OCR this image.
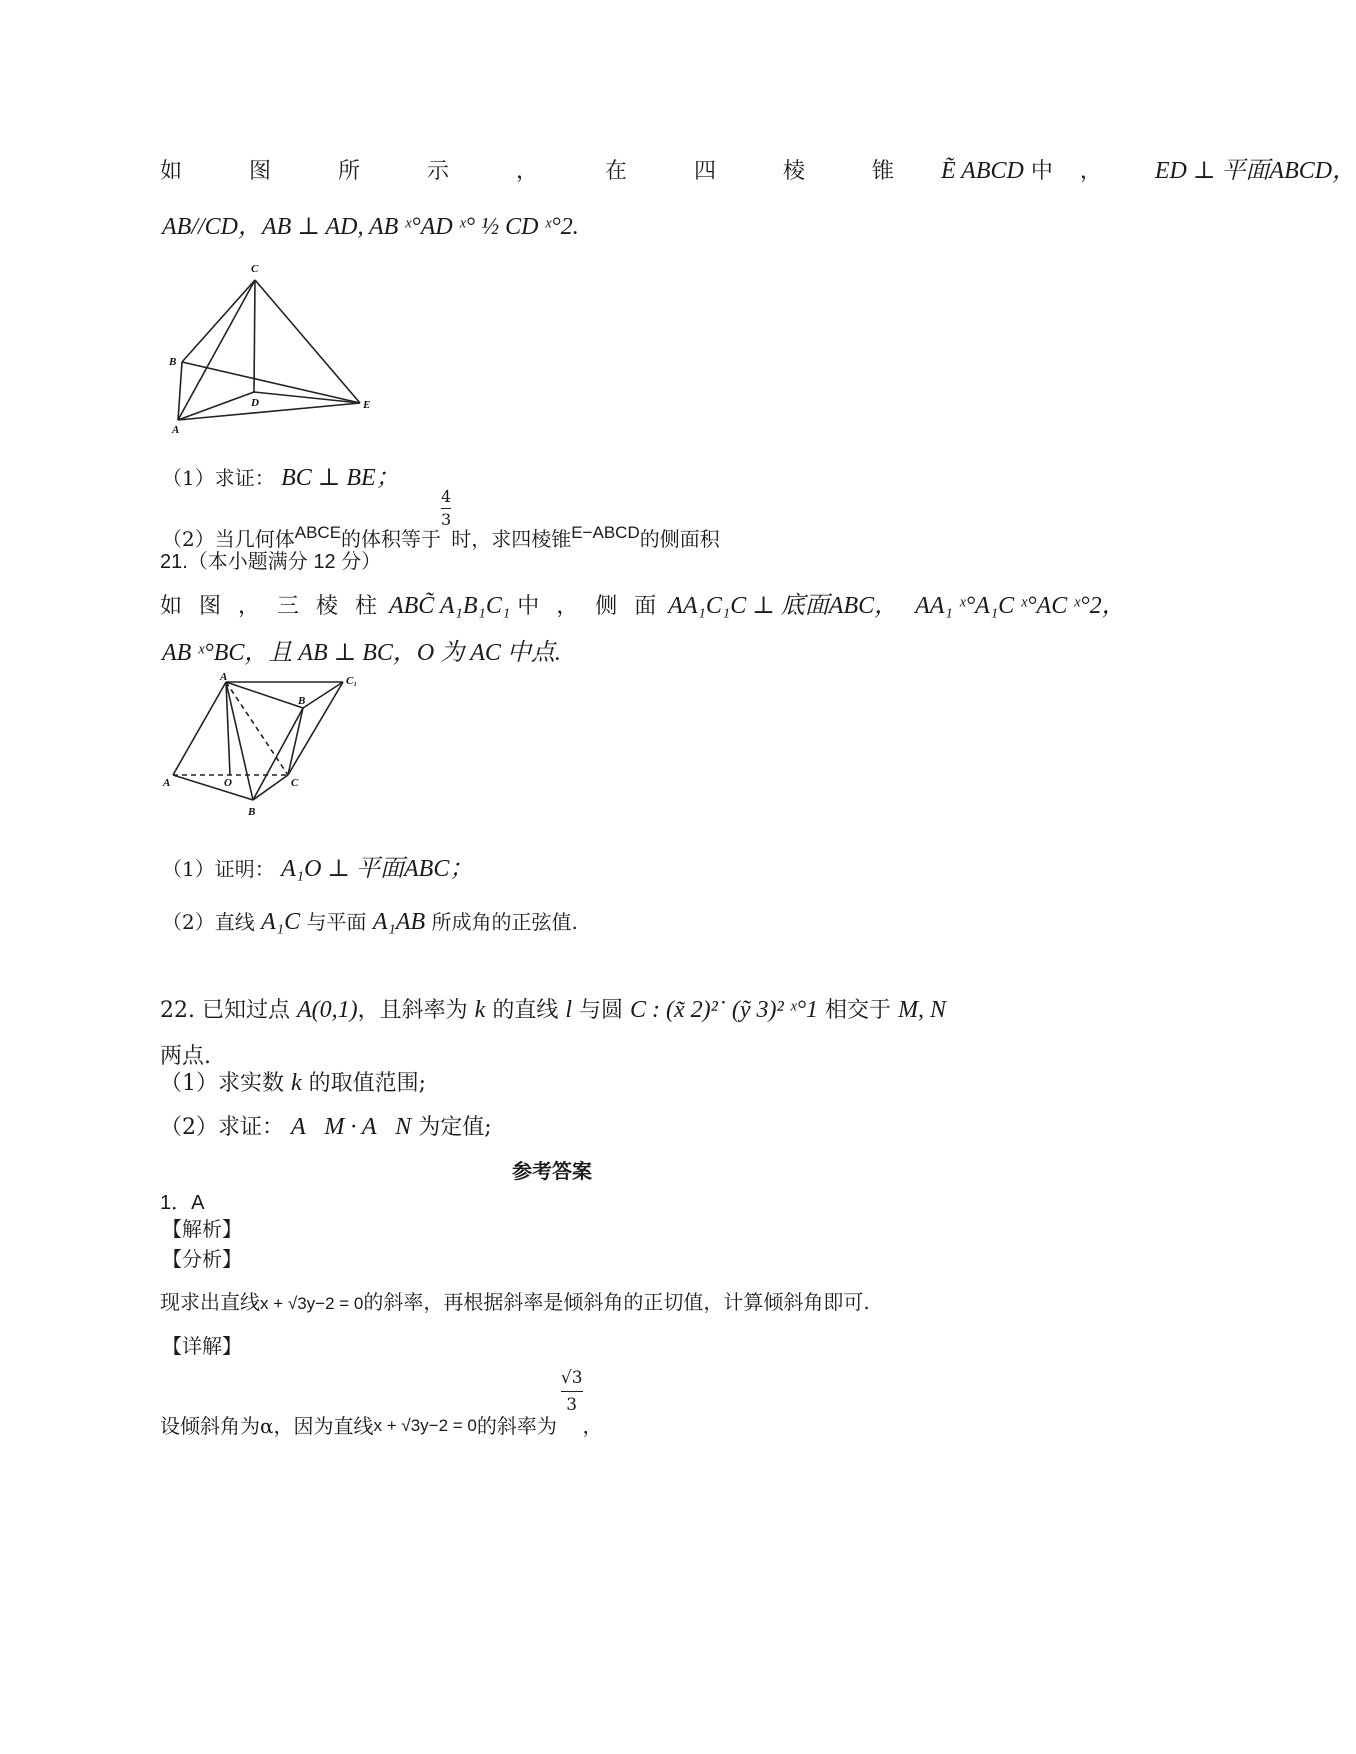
如 图 所 示 ， 在 四 棱 锥 Ẽ ABCD 中 ， ED ⊥ 平面ABCD，
AB//CD，AB ⊥ AD, AB ˣ°AD ˣ° ½ CD ˣ°2.
C
B
D	E
A
（1）求证： BC ⊥ BE；
（2）当几何体$_{ABCE}$的体积等于
$\frac{4}{3}$
时，求四棱锥$_{E-ABCD}$的侧面积
21.（本小题满分 12 分）
如 图 ， 三 棱 柱 ABC̃ A₁B₁C₁ 中 ， 侧 面 AA₁C₁C ⊥ 底面ABC， AA₁ ˣ°A₁C ˣ°AC ˣ°2，
AB ˣ°BC，且 AB ⊥ BC，O 为 AC 中点.
A	C₁
B
A	O	C
B
（1）证明： A₁O ⊥ 平面ABC；
（2）直线 A₁C 与平面 A₁AB 所成角的正弦值.
22. 已知过点 A(0,1)，且斜率为 k 的直线 l 与圆 C : (x̃ 2)²˙ (ỹ 3)² ˣ°1 相交于 M, N
两点.
（1）求实数 k 的取值范围;
（2）求证： A⃗M · A⃗N 为定值;
参考答案
1．A
【解析】
【分析】
现求出直线x + √3y−2 = 0的斜率，再根据斜率是倾斜角的正切值，计算倾斜角即可.
【详解】
设倾斜角为α，因为直线$_{x + √3y-2 = 0}$的斜率为
$\frac{√3}{3}$
，
